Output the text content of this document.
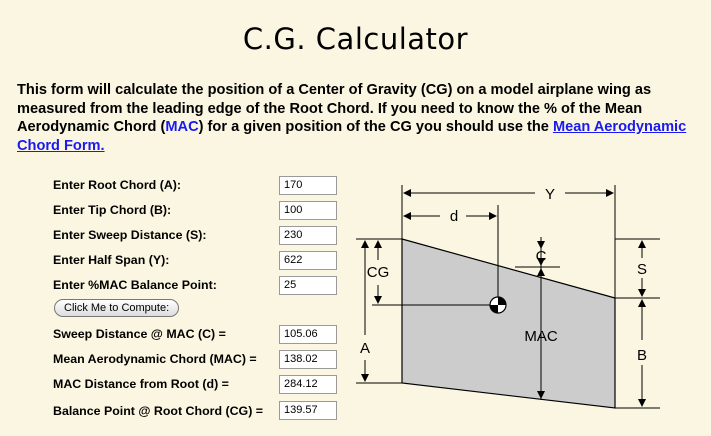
C.G. Calculator
This form will calculate the position of a Center of Gravity (CG) on a model airplane wing as measured from the leading edge of the Root Chord. If you need to know the % of the Mean Aerodynamic Chord (MAC) for a given position of the CG you should use the Mean Aerodynamic Chord Form.
Enter Root Chord (A):
170
Enter Tip Chord (B):
100
Enter Sweep Distance (S):
230
Enter Half Span (Y):
622
Enter %MAC Balance Point:
25
Click Me to Compute:
Sweep Distance @ MAC (C) =
105.06
Mean Aerodynamic Chord (MAC) =
138.02
MAC Distance from Root (d) =
284.12
Balance Point @ Root Chord (CG) =
139.57
Y
d
CG
A
C
S
B
MAC
